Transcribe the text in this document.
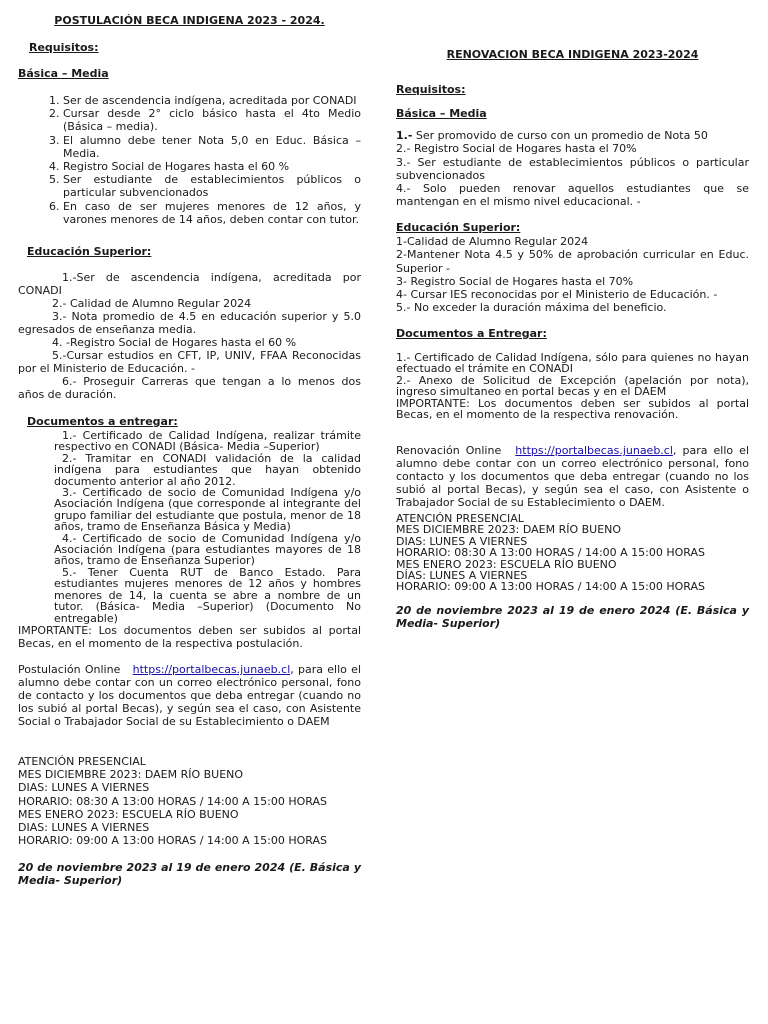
POSTULACIÓN BECA INDIGENA 2023 - 2024.
Requisitos:
Básica – Media
1. Ser de ascendencia indígena, acreditada por CONADI
2. Cursar desde 2° ciclo básico hasta el 4to Medio (Básica – media).
3. El alumno debe tener Nota 5,0 en Educ. Básica – Media.
4. Registro Social de Hogares hasta el 60 %
5. Ser estudiante de establecimientos públicos o particular subvencionados
6. En caso de ser mujeres menores de 12 años, y varones menores de 14 años, deben contar con tutor.
Educación Superior:

1.-Ser de ascendencia indígena, acreditada por CONADI

2.- Calidad de Alumno Regular 2024

3.- Nota promedio de 4.5 en educación superior y 5.0 egresados de enseñanza media.

4. -Registro Social de Hogares hasta el 60 %

5.-Cursar estudios en CFT, IP, UNIV, FFAA Reconocidas por el Ministerio de Educación. -

6.- Proseguir Carreras que tengan a lo menos dos años de duración.

Documentos a entregar:

1.- Certificado de Calidad Indígena, realizar trámite respectivo en CONADI (Básica- Media –Superior)

2.- Tramitar en CONADI validación de la calidad indígena para estudiantes que hayan obtenido documento anterior al año 2012.

3.- Certificado de socio de Comunidad Indígena y/o Asociación Indígena (que corresponde al integrante del grupo familiar del estudiante que postula, menor de 18 años, tramo de Enseñanza Básica y Media)

4.- Certificado de socio de Comunidad Indígena y/o Asociación Indígena (para estudiantes mayores de 18 años, tramo de Enseñanza Superior)

5.- Tener Cuenta RUT de Banco Estado. Para estudiantes mujeres menores de 12 años y hombres menores de 14, la cuenta se abre a nombre de un tutor. (Básica- Media –Superior) (Documento No entregable)

IMPORTANTE: Los documentos deben ser subidos al portal Becas, en el momento de la respectiva postulación.
Postulación Online https://portalbecas.junaeb.cl, para ello el alumno debe contar con un correo electrónico personal, fono de contacto y los documentos que deba entregar (cuando no los subió al portal Becas), y según sea el caso, con Asistente Social o Trabajador Social de su Establecimiento o DAEM
ATENCIÓN PRESENCIAL
MES DICIEMBRE 2023: DAEM RÍO BUENO
DIAS: LUNES A VIERNES
HORARIO: 08:30 A 13:00 HORAS / 14:00 A 15:00 HORAS
MES ENERO 2023: ESCUELA RÍO BUENO
DIAS: LUNES A VIERNES
HORARIO: 09:00 A 13:00 HORAS / 14:00 A 15:00 HORAS
20 de noviembre 2023 al 19 de enero 2024 (E. Básica y Media- Superior)
RENOVACION BECA INDIGENA 2023-2024
Requisitos:
Básica – Media

1.- Ser promovido de curso con un promedio de Nota 50

2.- Registro Social de Hogares hasta el 70%

3.- Ser estudiante de establecimientos públicos o particular subvencionados

4.- Solo pueden renovar aquellos estudiantes que se mantengan en el mismo nivel educacional. -

Educación Superior:

1-Calidad de Alumno Regular 2024

2-Mantener Nota 4.5 y 50% de aprobación curricular en Educ. Superior -

3- Registro Social de Hogares hasta el 70%

4- Cursar IES reconocidas por el Ministerio de Educación. -

5.- No exceder la duración máxima del beneficio.

Documentos a Entregar:

1.- Certificado de Calidad Indígena, sólo para quienes no hayan efectuado el trámite en CONADI

2.- Anexo de Solicitud de Excepción (apelación por nota), ingreso simultaneo en portal becas y en el DAEM

IMPORTANTE: Los documentos deben ser subidos al portal Becas, en el momento de la respectiva renovación.

Renovación Online https://portalbecas.junaeb.cl, para ello el alumno debe contar con un correo electrónico personal, fono contacto y los documentos que deba entregar (cuando no los subió al portal Becas), y según sea el caso, con Asistente o Trabajador Social de su Establecimiento o DAEM.
ATENCIÓN PRESENCIAL
MES DICIEMBRE 2023: DAEM RÍO BUENO
DIAS: LUNES A VIERNES
HORARIO: 08:30 A 13:00 HORAS / 14:00 A 15:00 HORAS
MES ENERO 2023: ESCUELA RÍO BUENO
DÍAS: LUNES A VIERNES
HORARIO: 09:00 A 13:00 HORAS / 14:00 A 15:00 HORAS
20 de noviembre 2023 al 19 de enero 2024 (E. Básica y Media- Superior)
